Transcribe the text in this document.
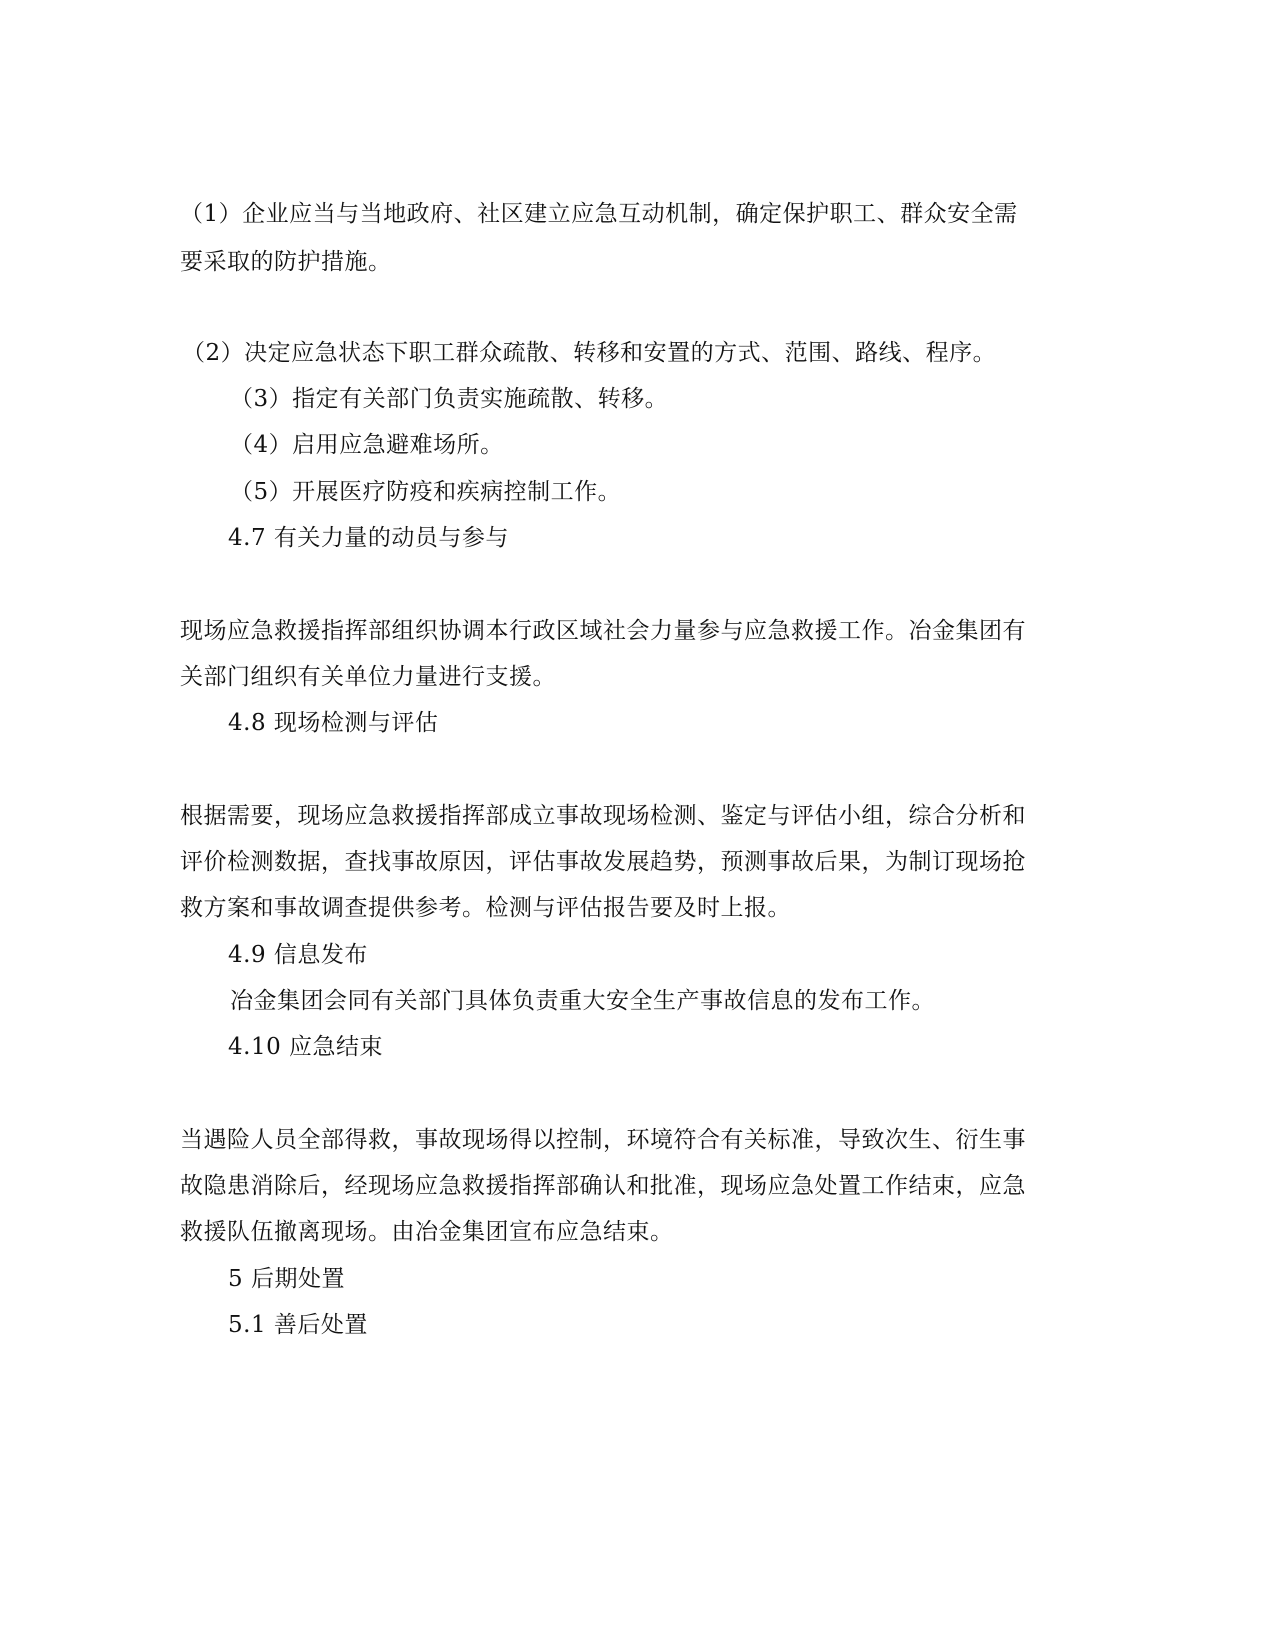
（1）企业应当与当地政府、社区建立应急互动机制，确定保护职工、群众安全需
要采取的防护措施。
（2）决定应急状态下职工群众疏散、转移和安置的方式、范围、路线、程序。
（3）指定有关部门负责实施疏散、转移。
（4）启用应急避难场所。
（5）开展医疗防疫和疾病控制工作。
4.7 有关力量的动员与参与
现场应急救援指挥部组织协调本行政区域社会力量参与应急救援工作。冶金集团有
关部门组织有关单位力量进行支援。
4.8 现场检测与评估
根据需要，现场应急救援指挥部成立事故现场检测、鉴定与评估小组，综合分析和
评价检测数据，查找事故原因，评估事故发展趋势，预测事故后果，为制订现场抢
救方案和事故调查提供参考。检测与评估报告要及时上报。
4.9 信息发布
冶金集团会同有关部门具体负责重大安全生产事故信息的发布工作。
4.10 应急结束
当遇险人员全部得救，事故现场得以控制，环境符合有关标准，导致次生、衍生事
故隐患消除后，经现场应急救援指挥部确认和批准，现场应急处置工作结束，应急
救援队伍撤离现场。由冶金集团宣布应急结束。
5 后期处置
5.1 善后处置
